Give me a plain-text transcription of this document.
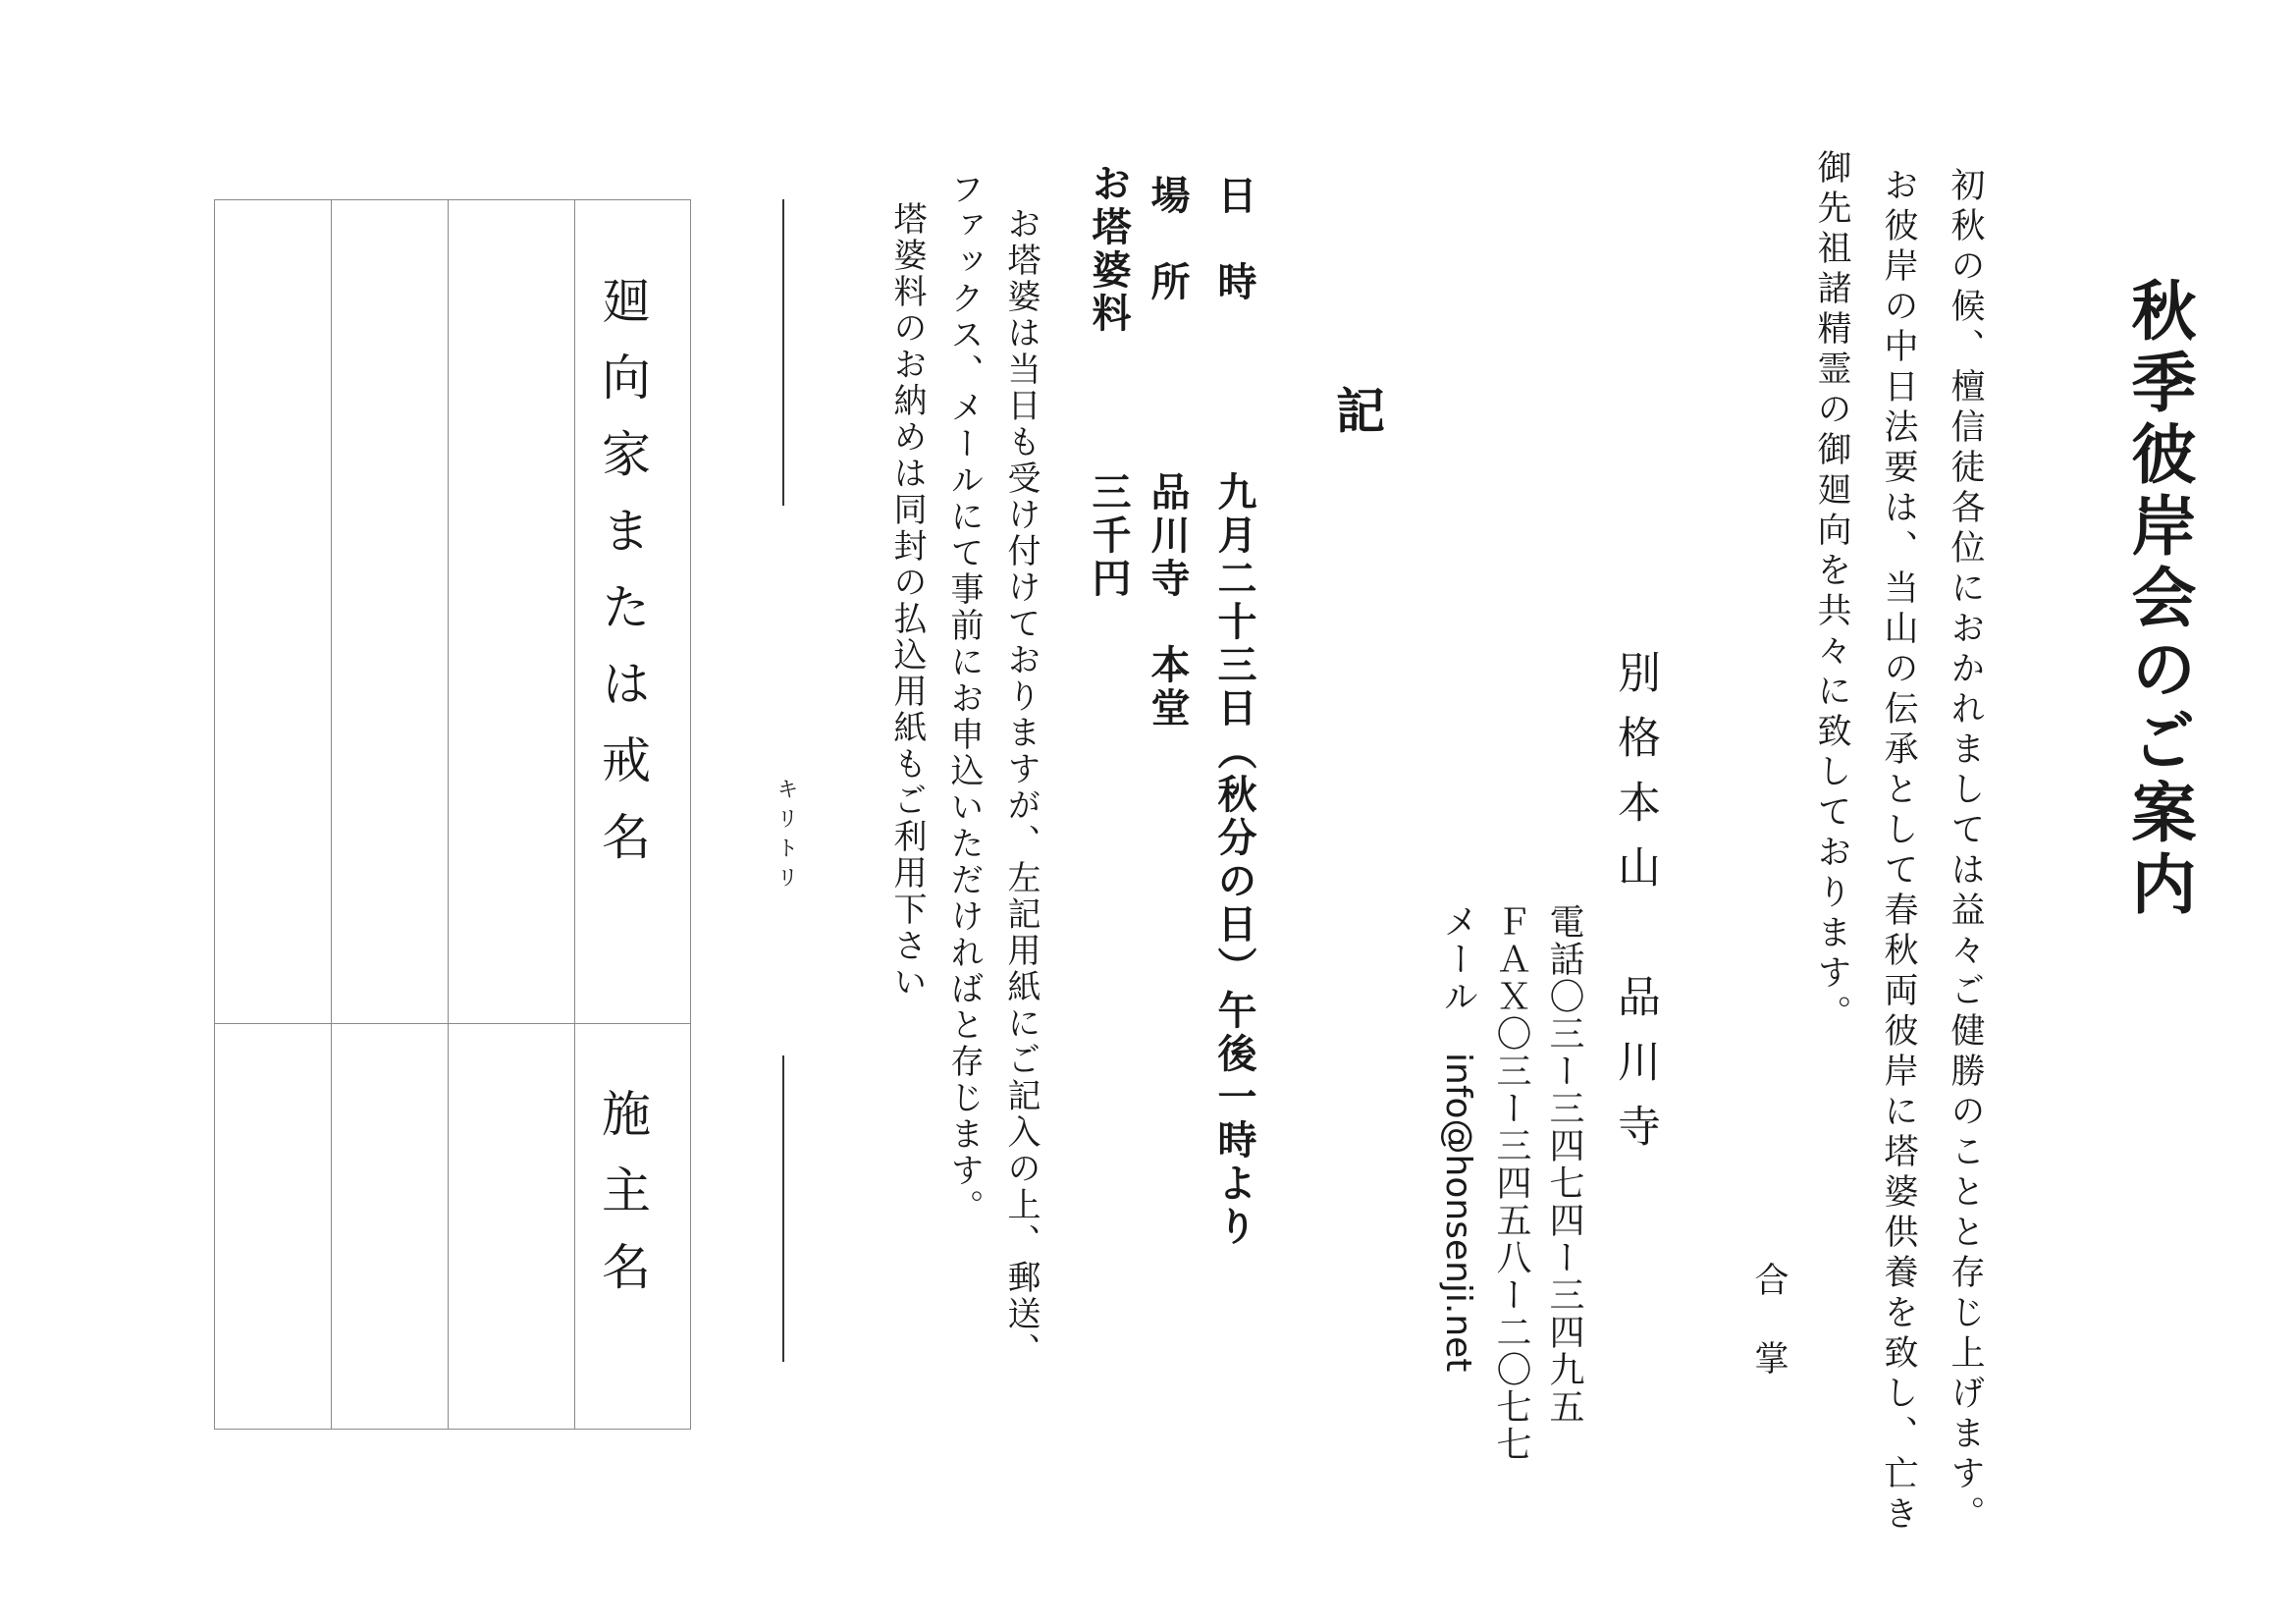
秋季彼岸会のご案内
初秋の候、檀信徒各位におかれましては益々ご健勝のことと存じ上げます。
お彼岸の中日法要は、当山の伝承として春秋両彼岸に塔婆供養を致し、亡き
御先祖諸精霊の御廻向を共々に致しております。
合掌
別格本山　品川寺
電話〇三ー三四七四ー三四九五
ＦＡＸ〇三ー三四五八ー二〇七七
メール　info@honsenji.net
記
日　時
九月二十三日（秋分の日）午後一時より
場　所
品川寺　本堂
お塔婆料
三千円
お塔婆は当日も受け付けておりますが、左記用紙にご記入の上、郵送、
ファックス、メールにて事前にお申込いただければと存じます。
塔婆料のお納めは同封の払込用紙もご利用下さい
キリトリ
廻向家または戒名
施主名
